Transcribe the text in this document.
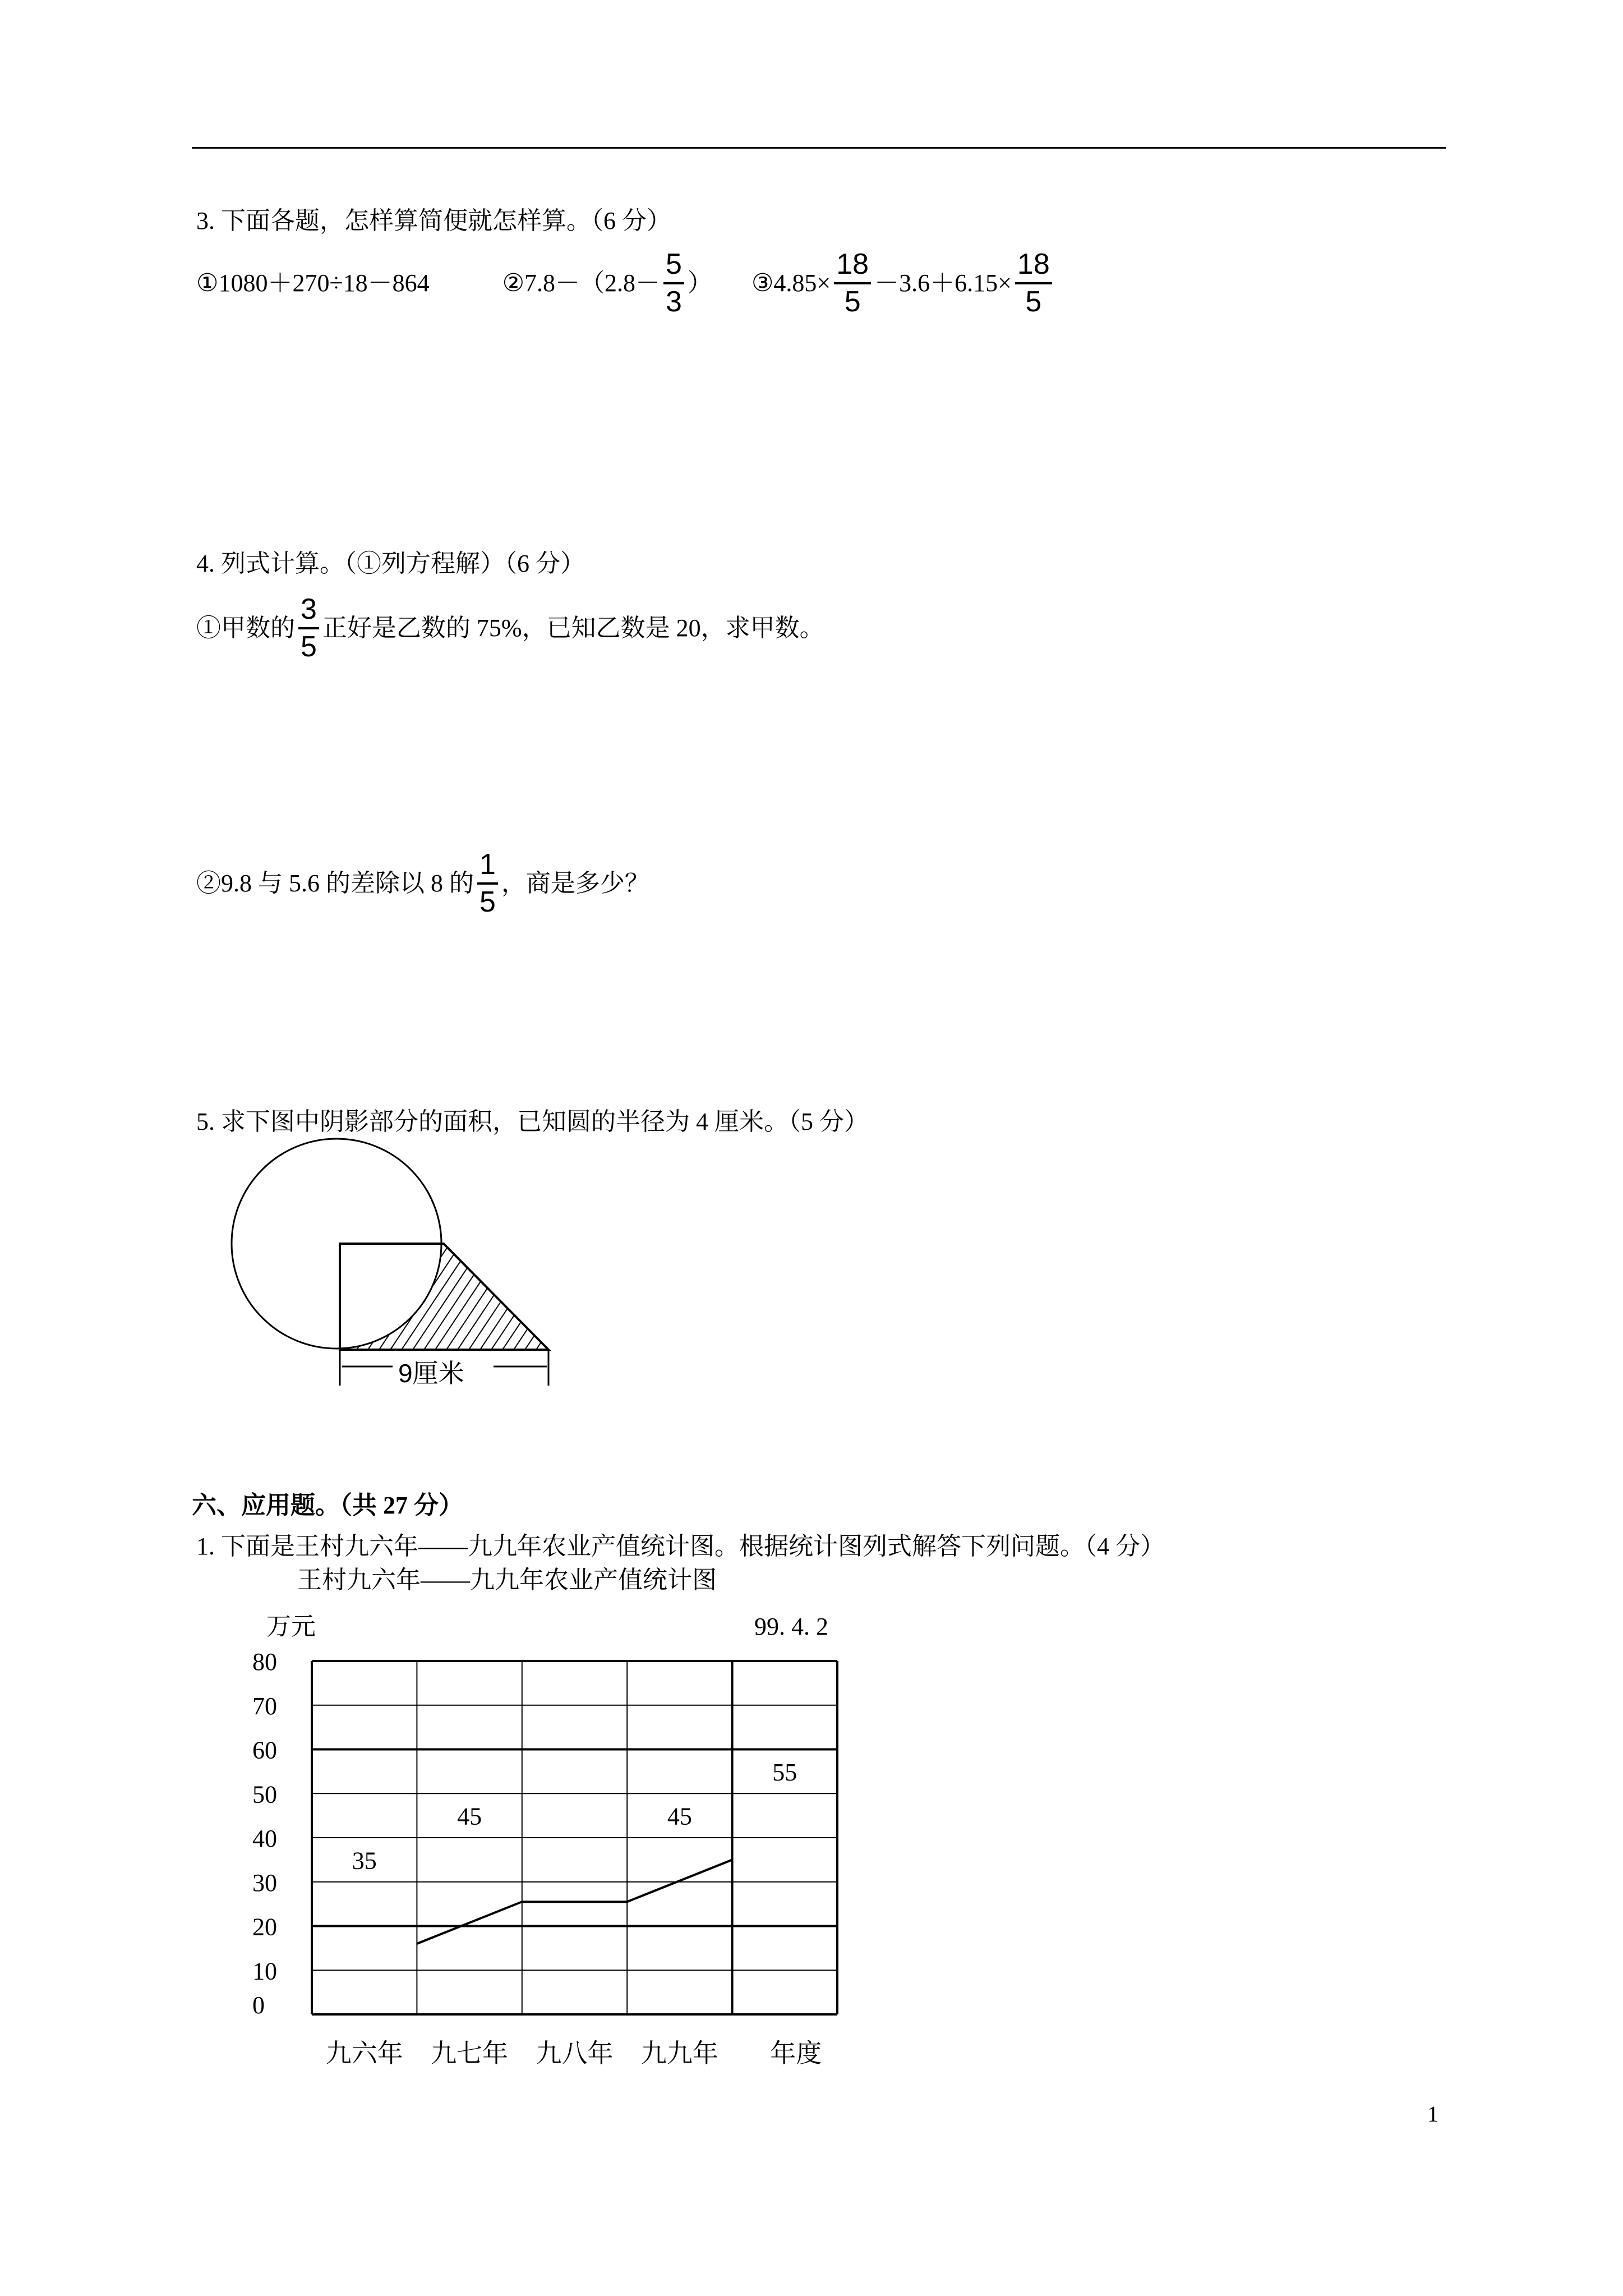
3. 下面各题，怎样算简便就怎样算。（6 分）
①1080＋270÷18－864	②7.8－（2.8－ $\frac{5}{3}$ ） ③4.85× $\frac{18}{5} -3.6+6.15\times \frac{18}{5}$
4. 列式计算。（①列方程解）（6 分）
①甲数的 $\frac{3}{5}$ 正好是乙数的 75%，已知乙数是 20，求甲数。
②9.8 与 5.6 的差除以 8 的 $\frac{1}{5}$ ，商是多少？
5. 求下图中阴影部分的面积，已知圆的半径为 4 厘米。（5 分）
9厘米
六、应用题。（共 27 分）
1. 下面是王村九六年——九九年农业产值统计图。根据统计图列式解答下列问题。（4 分）
王村九六年——九九年农业产值统计图
万元	99. 4. 2
0
10
20
30
40
50
60
70
80
九六年 九七年 九八年 九九年 年度
35
45	45
55
1
